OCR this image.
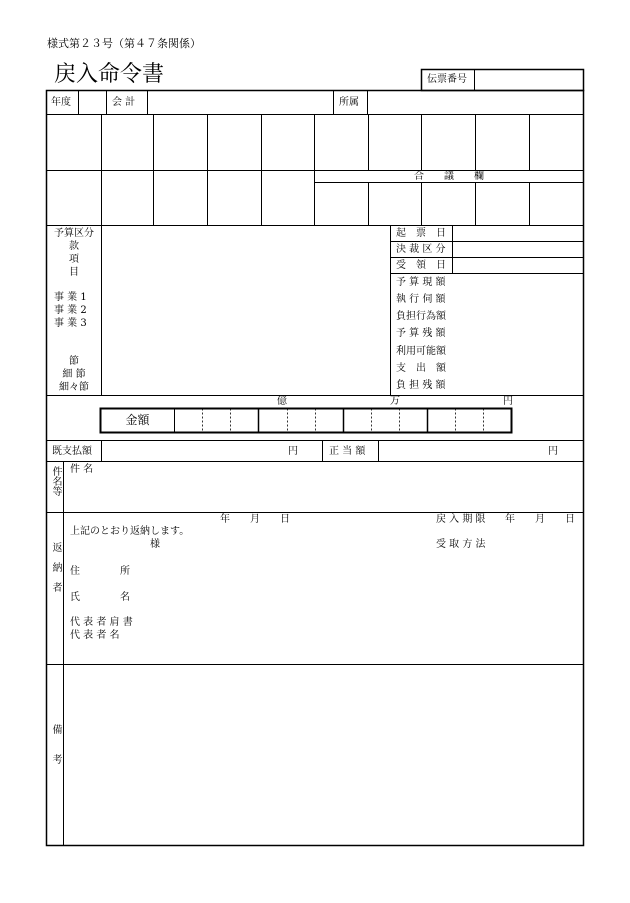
様式第２３号（第４７条関係）
戻入命令書	伝票番号
年度	会 計	所属
合　　議　　欄
予算区分
款
項
目
事 業 1
事 業 2
事 業 3
節
細 節
細々節
起　票　日
決 裁 区 分
受　領　日
予 算 現 額
執 行 伺 額
負担行為額
予 算 残 額
利用可能額
支　出　額
負 担 残 額
億	万	円
金額
既支払額	円	正 当 額	円
件名等 件 名
返　納　者
年　　月　　日
上記のとおり返納します。
様
戻 入 期 限 年　　月　　日
受 取 方 法
住　　　　所
氏　　　　名
代 表 者 肩 書
代 表 者 名
備　　考
